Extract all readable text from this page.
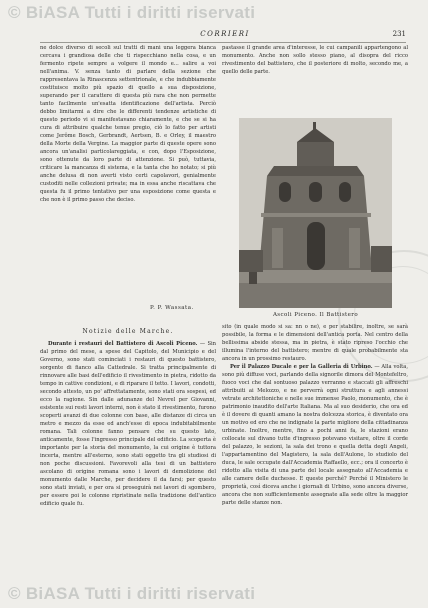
© BiASA Tutti i diritti riservati
CORRIERI	231

ne dolce diverso di secoli sul tratti di mani una leggera bianca cercava i grandiosa delle che ti rispecchiano nella cosa, e un fermento ripete sempre a volgere il mondo e... salire a voi nell'anima. V. senza tanto di parlare della sezione che rappresentava la Rinascenza settentrionale, e che indubbiamente costituisce molto più spazio di quello a sua disposizione, superando per il carattere di questa più rara che non permette tanto facilmente un'esatta identificazione dell'artista. Perciò debbo limitarmi a dire che le differenti tendenze artistiche di questo periodo vi si manifestavano chiaramente, e che se si ha cura di attribuire qualche tenue pregio, ciò lo fatto per artisti come Jerôme Bosch, Gerbrandt, Aertsen, B. e Orley, il maestro della Morte della Vergine. La maggior parte di queste opere sono ancora un'analisi particolareggiata, e con, dopo l'Esposizione, sono ottenute da loro parte di attenzione. Si può, tuttavia, criticare la mancanza di sistema, e la tanta che ho notato; si più anche delusa di non averti visto certi capolavori, genialmente custoditi nelle collezioni private; ma in essa anche riscattava che questa fu il primo tentativo per una esposizione come questa e che non è il primo passo che deciso.

P. P. Wassata.
Notizie delle Marche.

Durante i restauri del Battistero di Ascoli Piceno. — Sin dal primo del mese, a spese del Capitolo, del Municipio e del Governo, sono stati cominciati i restauri di questo battistero, sorgente di fianco alla Cattedrale. Si tratta principalmente di rinnovare alle basi dell'edificio il rivestimento in pietra, ridotto da tempo in cattive condizioni, e di riparare il tetto. I lavori, condotti, secondo attesto, un po' affrettatamente, sono stati ora sospesi, ed ecco la ragione. Sin dalle adunanze del Nevrel per Giovanni, esistente sui resti lavori interni, non è stato il rivestimento, furono scoperti avanzi di due colonne con base, alle distanze di circa un metro e mezzo da esse ed anch'esse di epoca indubitabilmente romana. Tali colonne fanno pensare che su questo lato, anticamente, fosse l'ingresso principale del edificio. La scoperta è importante per la storia del monumento, la cui origine è tuttora incerta, mentre all'esterno, sono stati oggetto tra gli studiosi di non poche discussioni. Favorevoli alla tesi di un battistero ascolano di origine romana sono i lavori di demolizione del monumento dalle Marche, per decidere il da farsi; per questo sono stati inviati, e per ora si proseguirà nei lavori di sgombero, per essere poi le colonne ripristinate nella tradizione dell'antico edificio quale fu.

pastasse il grande area d'interesse, le cui campanili appartengono al monumento. Anche non sollo stesso piano, al disopra del ricco rivestimento del battistero, che il posteriore di molto, secondo me, a quello delle parte.

Ascoli Piceno. Il Battistero

sito (in quale modo si sa: nn o ne), e per stabilire, inoltre, se sarà possibile, la forma e le dimensioni dell'antica porta. Nel centro della bellissima abside stessa, ma in pietra, è stato ripreso l'occhio che illumina l'interno del battistero; mentre di quale probabilmente sta ancora in un prossimo restauro.

Per il Palazzo Ducale e per la Galleria di Urbino. — Alla volta, sono più diffuse voci, parlando della signorile dimora del Montefeltro, fuoco voci che dal sontuoso palazzo verranno e staccati gli affreschi attribuiti ai Melozzo, e ne perverrà ogni struttura e agli annessi vetrate architettoniche e nelle sue immense Paolo, monumento, che è patrimonio inaudito dell'arte Italiana. Ma al suo desiderio, che ora ed è il dovere di quanti amano la nostra dolcezza storica, è diventato ora un motivo ed ero che ne indignate la parte migliore della cittadinanza urbinate. Inoltre, mentre, fino a pochi anni fa, le stazioni erano collocate sul divano tutte d'ingresso potevano visitare, oltre il corde del palazzo, le sezioni, la sala dei trono e quella detta degli Angeli, l'appartamentino del Magistero, la sala dell'Aulone, lo studiolo del duca, le sale occupate dall'Accademia Raffaello, ecc.; ora il concerto è ridotto alla visita di una parte del locale assegnato all'Accademia e alle camere delle duchesse. E queste perché? Perché il Ministero le proprietà, così diceva anche i giornali di Urbino, sono ancora diverse, ancora che non sufficientemente assegnate alla sede oltre la maggior parte delle stanze non.

© BiASA Tutti i diritti riservati
